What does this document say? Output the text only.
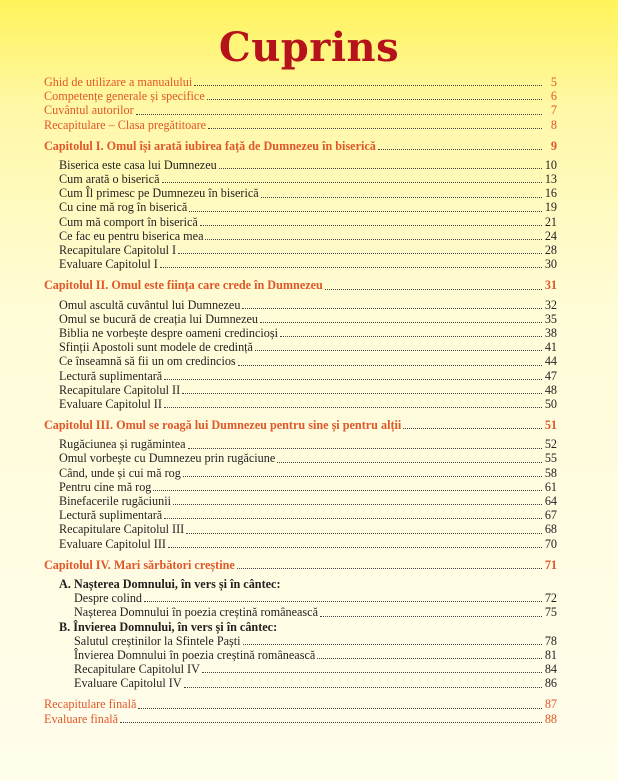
Cuprins
Ghid de utilizare a manualului	5
Competențe generale și specifice	6
Cuvântul autorilor	7
Recapitulare – Clasa pregătitoare	8
Capitolul I. Omul își arată iubirea față de Dumnezeu în biserică	9
Biserica este casa lui Dumnezeu	10
Cum arată o biserică	13
Cum Îl primesc pe Dumnezeu în biserică	16
Cu cine mă rog în biserică	19
Cum mă comport în biserică	21
Ce fac eu pentru biserica mea	24
Recapitulare Capitolul I	28
Evaluare Capitolul I	30
Capitolul II. Omul este ființa care crede în Dumnezeu	31
Omul ascultă cuvântul lui Dumnezeu	32
Omul se bucură de creația lui Dumnezeu	35
Biblia ne vorbește despre oameni credincioși	38
Sfinții Apostoli sunt modele de credință	41
Ce înseamnă să fii un om credincios	44
Lectură suplimentară	47
Recapitulare Capitolul II	48
Evaluare Capitolul II	50
Capitolul III. Omul se roagă lui Dumnezeu pentru sine și pentru alții	51
Rugăciunea și rugămintea	52
Omul vorbește cu Dumnezeu prin rugăciune	55
Când, unde și cui mă rog	58
Pentru cine mă rog	61
Binefacerile rugăciunii	64
Lectură suplimentară	67
Recapitulare Capitolul III	68
Evaluare Capitolul III	70
Capitolul IV. Mari sărbători creștine	71
A. Nașterea Domnului, în vers și în cântec:
Despre colind	72
Nașterea Domnului în poezia creștină românească	75
B. Învierea Domnului, în vers și în cântec:
Salutul creștinilor la Sfintele Paști	78
Învierea Domnului în poezia creștină românească	81
Recapitulare Capitolul IV	84
Evaluare Capitolul IV	86
Recapitulare finală	87
Evaluare finală	88
